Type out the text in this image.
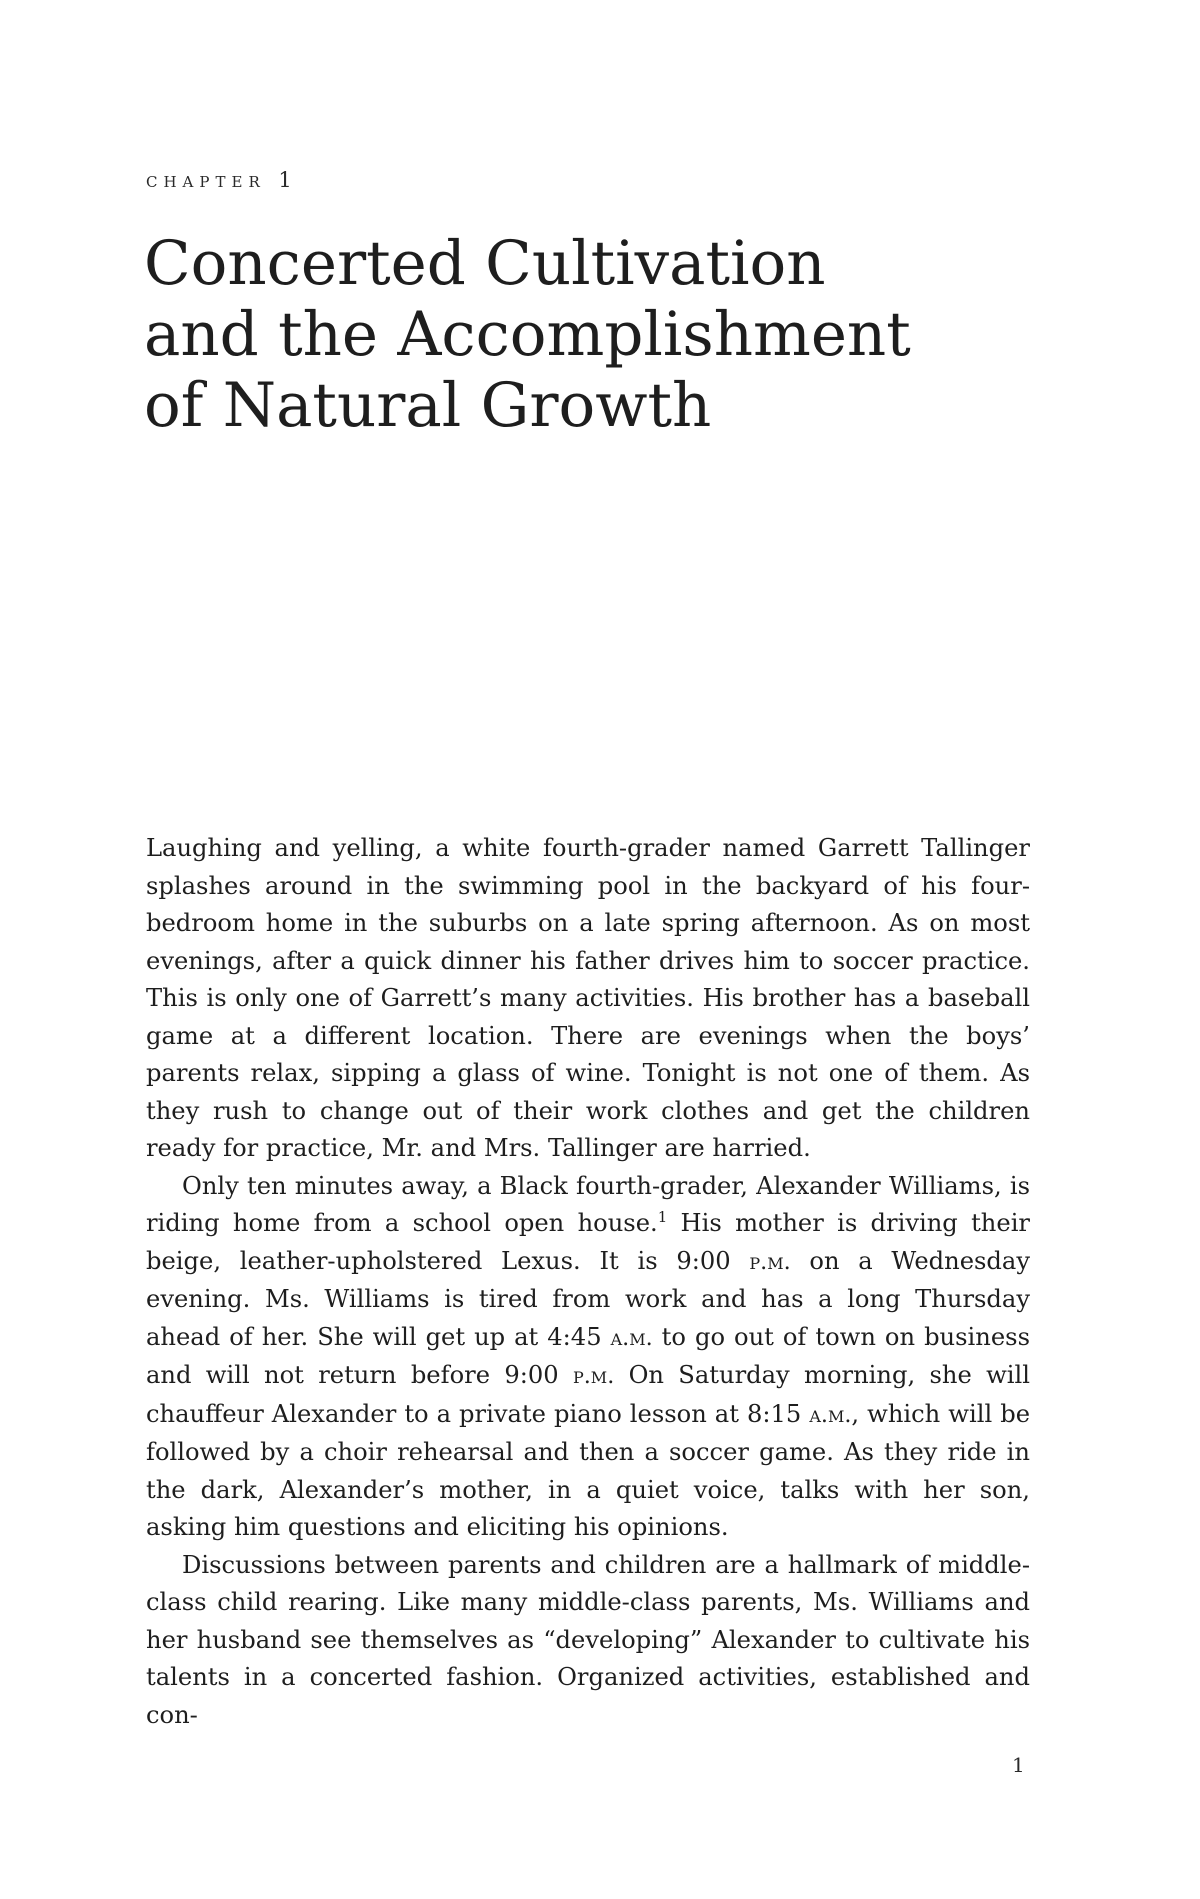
chapter 1
Concerted Cultivation
and the Accomplishment
of Natural Growth

Laughing and yelling, a white fourth-grader named Garrett Tallinger splashes around in the swimming pool in the backyard of his four-bedroom home in the suburbs on a late spring afternoon. As on most evenings, after a quick dinner his father drives him to soccer practice. This is only one of Garrett’s many activities. His brother has a baseball game at a different location. There are evenings when the boys’ parents relax, sipping a glass of wine. Tonight is not one of them. As they rush to change out of their work clothes and get the children ready for practice, Mr. and Mrs. Tallinger are harried.

Only ten minutes away, a Black fourth-grader, Alexander Williams, is riding home from a school open house.$^1$ His mother is driving their beige, leather-upholstered Lexus. It is 9:00 p.m. on a Wednesday evening. Ms. Williams is tired from work and has a long Thursday ahead of her. She will get up at 4:45 a.m. to go out of town on business and will not return before 9:00 p.m. On Saturday morning, she will chauffeur Alexander to a private piano lesson at 8:15 a.m., which will be followed by a choir rehearsal and then a soccer game. As they ride in the dark, Alexander’s mother, in a quiet voice, talks with her son, asking him questions and eliciting his opinions.

Discussions between parents and children are a hallmark of middle-class child rearing. Like many middle-class parents, Ms. Williams and her husband see themselves as “developing” Alexander to cultivate his talents in a concerted fashion. Organized activities, established and con-

1
